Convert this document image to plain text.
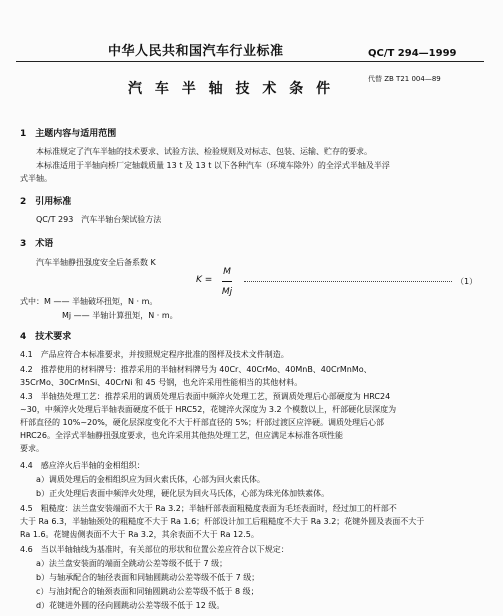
中华人民共和国汽车行业标准	QC/T 294—1999
汽 车 半 轴 技 术 条 件
代替 ZB T21 004—89
1　主题内容与适用范围
本标准规定了汽车半轴的技术要求、试验方法、检验规则及对标志、包装、运输、贮存的要求。
本标准适用于半轴向桥厂定轴载质量 13 t 及 13 t 以下各种汽车（环境车除外）的全浮式半轴及半浮
式半轴。
2　引用标准
QC/T 293　汽车半轴台架试验方法
3　术语
汽车半轴静扭强度安全后备系数 K
K =
M
Mj
（1）
式中：M —— 半轴破坏扭矩，N · m。
Mj —— 半轴计算扭矩，N · m。
4　技术要求
4.1　产品应符合本标准要求，并按照规定程序批准的图样及技术文件制造。
4.2　推荐使用的材料牌号：推荐采用的半轴材料牌号为 40Cr、40CrMo、40MnB、40CrMnMo、
35CrMo、30CrMnSi、40CrNi 和 45 号钢，也允许采用性能相当的其他材料。
4.3　半轴热处理工艺：推荐采用的调质处理后表面中频淬火处理工艺，预调质处理后心部硬度为 HRC24
~30，中频淬火处理后半轴表面硬度不低于 HRC52，花键淬火深度为 3.2 个模数以上，杆部硬化层深度为
杆部直径的 10%~20%，硬化层深度变化不大于杆部直径的 5%；杆部过渡区应淬硬。调质处理后心部
HRC26。全浮式半轴静扭强度要求，也允许采用其他热处理工艺，但应满足本标准各项性能
要求。
4.4　感应淬火后半轴的金相组织：
a）调质处理后的金相组织应为回火索氏体，心部为回火索氏体。
b）正火处理后表面中频淬火处理，硬化层为回火马氏体，心部为珠光体加铁素体。
4.5　粗糙度：法兰盘安装端面不大于 Ra 3.2；半轴杆部表面粗糙度表面为毛坯表面时，经过加工的杆部不
大于 Ra 6.3，半轴轴颈处的粗糙度不大于 Ra 1.6；杆部设计加工后粗糙度不大于 Ra 3.2；花键外圆及表面不大于
Ra 1.6。花键齿侧表面不大于 Ra 3.2，其余表面不大于 Ra 12.5。
4.6　当以半轴轴线为基准时，有关部位的形状和位置公差应符合以下规定：
a）法兰盘安装面的端面全跳动公差等级不低于 7 级；
b）与轴承配合的轴径表面和同轴圆跳动公差等级不低于 7 级；
c）与油封配合的轴颈表面和同轴圆跳动公差等级不低于 8 级；
d）花键进外圆的径向圆跳动公差等级不低于 12 级。
